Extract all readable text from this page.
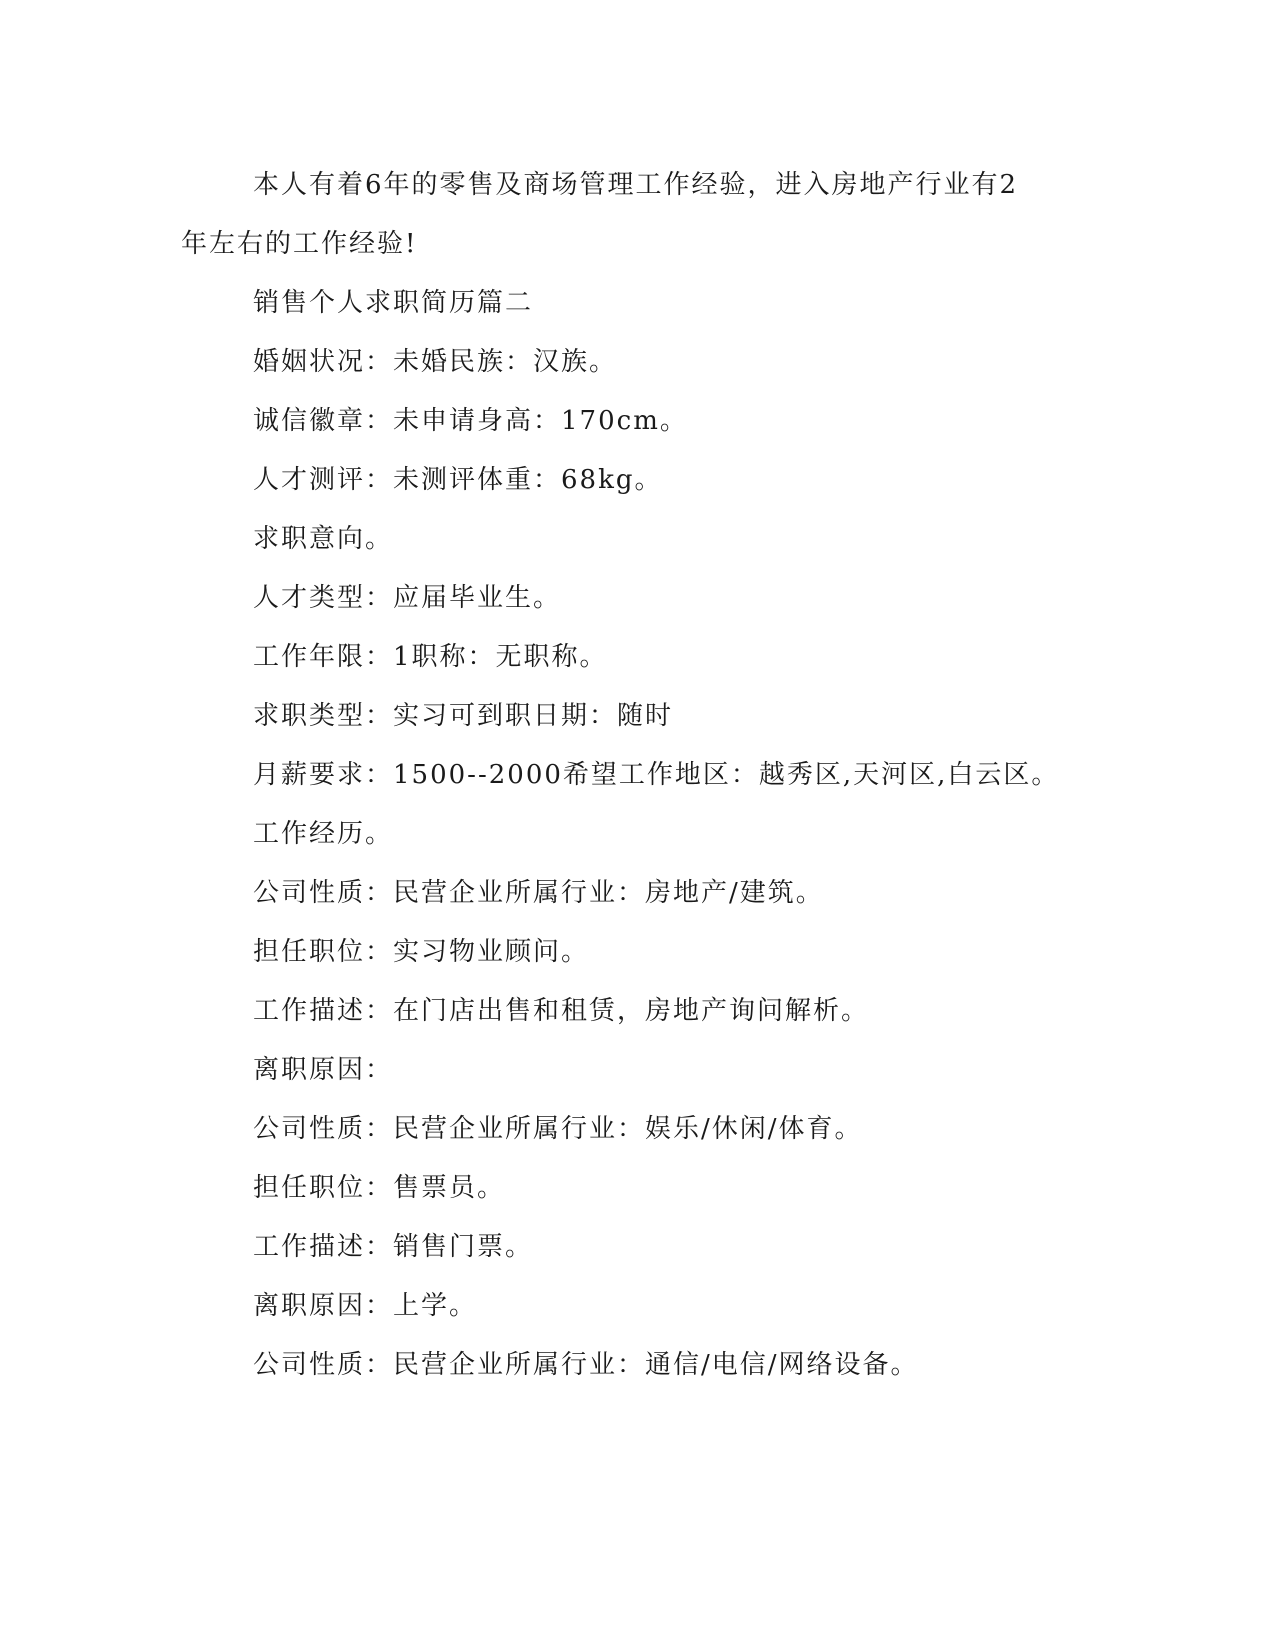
本人有着6年的零售及商场管理工作经验，进入房地产行业有2年左右的工作经验!

销售个人求职简历篇二

婚姻状况：未婚民族：汉族。

诚信徽章：未申请身高：170cm。

人才测评：未测评体重：68kg。

求职意向。

人才类型：应届毕业生。

工作年限：1职称：无职称。

求职类型：实习可到职日期：随时

月薪要求：1500--2000希望工作地区：越秀区,天河区,白云区。

工作经历。

公司性质：民营企业所属行业：房地产/建筑。

担任职位：实习物业顾问。

工作描述：在门店出售和租赁，房地产询问解析。

离职原因：

公司性质：民营企业所属行业：娱乐/休闲/体育。

担任职位：售票员。

工作描述：销售门票。

离职原因：上学。

公司性质：民营企业所属行业：通信/电信/网络设备。
